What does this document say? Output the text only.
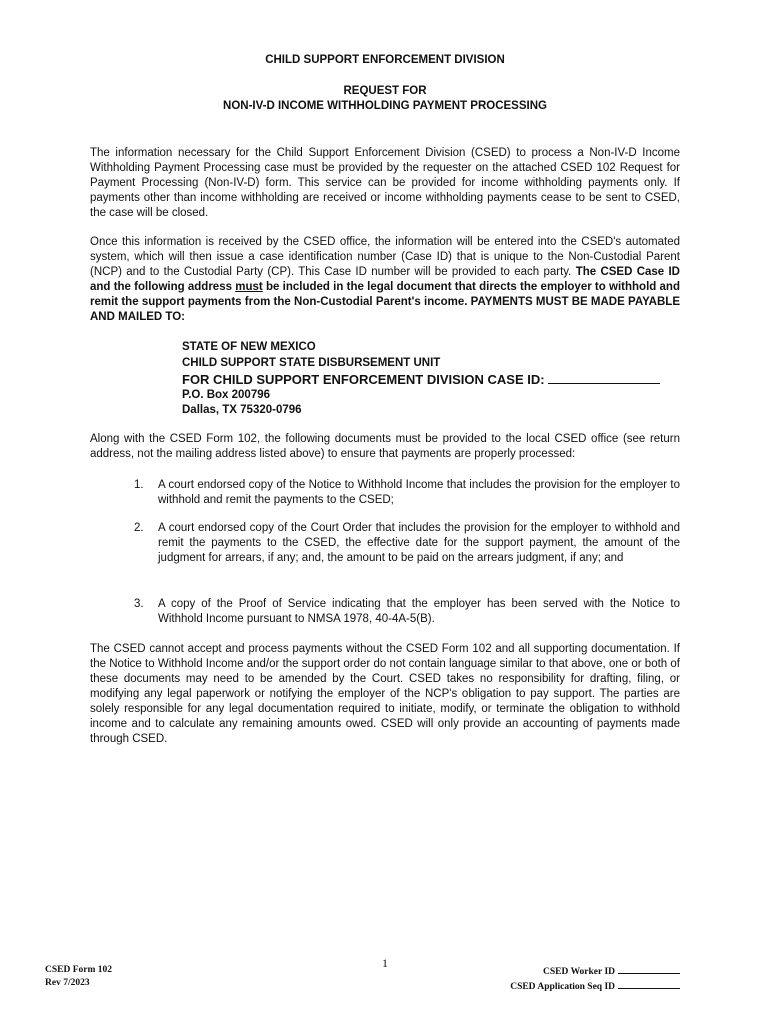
CHILD SUPPORT ENFORCEMENT DIVISION
REQUEST FOR
NON-IV-D INCOME WITHHOLDING PAYMENT PROCESSING
The information necessary for the Child Support Enforcement Division (CSED) to process a Non-IV-D Income Withholding Payment Processing case must be provided by the requester on the attached CSED 102 Request for Payment Processing (Non-IV-D) form. This service can be provided for income withholding payments only. If payments other than income withholding are received or income withholding payments cease to be sent to CSED, the case will be closed.
Once this information is received by the CSED office, the information will be entered into the CSED's automated system, which will then issue a case identification number (Case ID) that is unique to the Non-Custodial Parent (NCP) and to the Custodial Party (CP). This Case ID number will be provided to each party. The CSED Case ID and the following address must be included in the legal document that directs the employer to withhold and remit the support payments from the Non-Custodial Parent's income. PAYMENTS MUST BE MADE PAYABLE AND MAILED TO:
STATE OF NEW MEXICO
CHILD SUPPORT STATE DISBURSEMENT UNIT
FOR CHILD SUPPORT ENFORCEMENT DIVISION CASE ID:
P.O. Box 200796
Dallas, TX 75320-0796
Along with the CSED Form 102, the following documents must be provided to the local CSED office (see return address, not the mailing address listed above) to ensure that payments are properly processed:
1. A court endorsed copy of the Notice to Withhold Income that includes the provision for the employer to withhold and remit the payments to the CSED;
2. A court endorsed copy of the Court Order that includes the provision for the employer to withhold and remit the payments to the CSED, the effective date for the support payment, the amount of the judgment for arrears, if any; and, the amount to be paid on the arrears judgment, if any; and
3. A copy of the Proof of Service indicating that the employer has been served with the Notice to Withhold Income pursuant to NMSA 1978, 40-4A-5(B).
The CSED cannot accept and process payments without the CSED Form 102 and all supporting documentation. If the Notice to Withhold Income and/or the support order do not contain language similar to that above, one or both of these documents may need to be amended by the Court. CSED takes no responsibility for drafting, filing, or modifying any legal paperwork or notifying the employer of the NCP's obligation to pay support. The parties are solely responsible for any legal documentation required to initiate, modify, or terminate the obligation to withhold income and to calculate any remaining amounts owed. CSED will only provide an accounting of payments made through CSED.
CSED Form 102
Rev 7/2023
1
CSED Worker ID
CSED Application Seq ID
